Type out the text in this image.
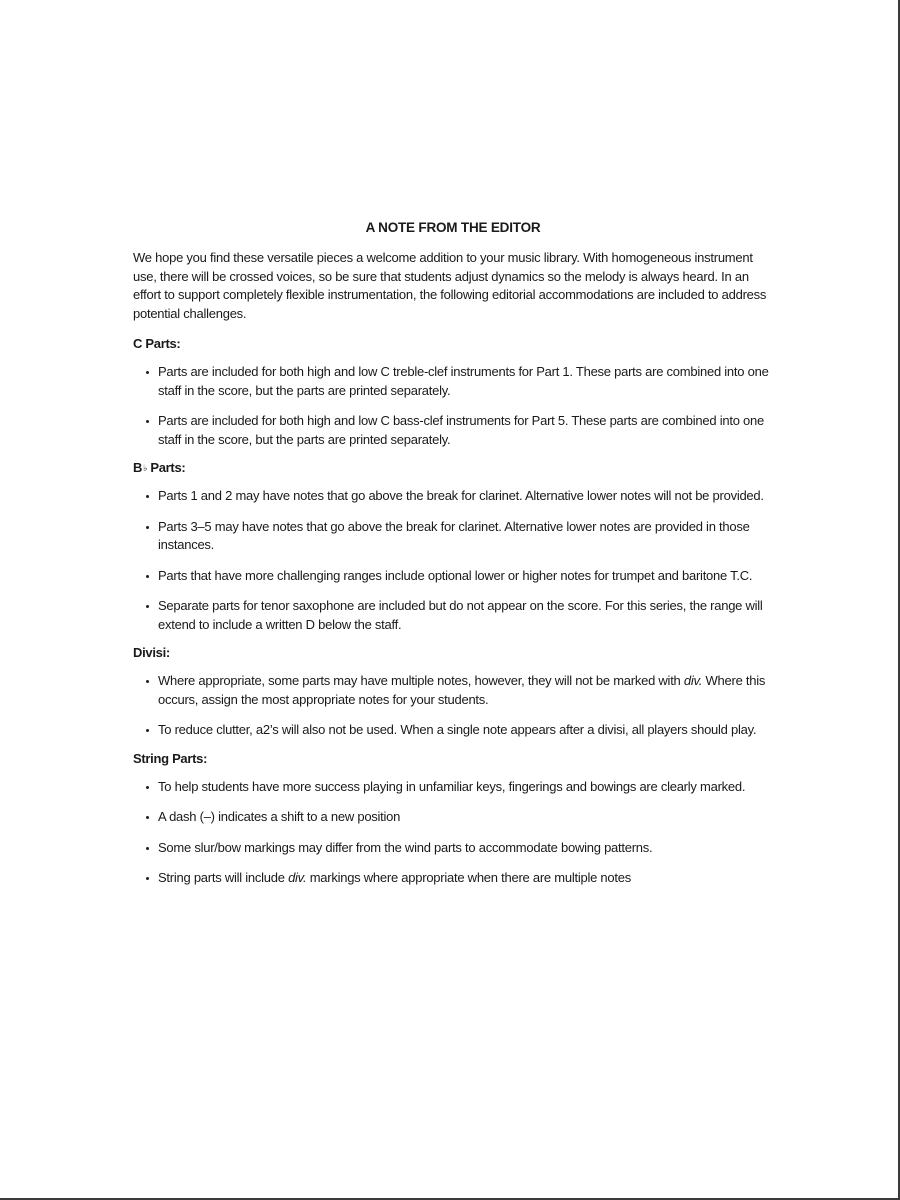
A NOTE FROM THE EDITOR

We hope you find these versatile pieces a welcome addition to your music library. With homogeneous instrument use, there will be crossed voices, so be sure that students adjust dynamics so the melody is always heard. In an effort to support completely flexible instrumentation, the following editorial accommodations are included to address potential challenges.

C Parts:
Parts are included for both high and low C treble-clef instruments for Part 1. These parts are combined into one staff in the score, but the parts are printed separately.
Parts are included for both high and low C bass-clef instruments for Part 5. These parts are combined into one staff in the score, but the parts are printed separately.
B♭ Parts:
Parts 1 and 2 may have notes that go above the break for clarinet. Alternative lower notes will not be provided.
Parts 3–5 may have notes that go above the break for clarinet. Alternative lower notes are provided in those instances.
Parts that have more challenging ranges include optional lower or higher notes for trumpet and baritone T.C.
Separate parts for tenor saxophone are included but do not appear on the score. For this series, the range will extend to include a written D below the staff.
Divisi:
Where appropriate, some parts may have multiple notes, however, they will not be marked with div. Where this occurs, assign the most appropriate notes for your students.
To reduce clutter, a2’s will also not be used. When a single note appears after a divisi, all players should play.
String Parts:
To help students have more success playing in unfamiliar keys, fingerings and bowings are clearly marked.
A dash (–) indicates a shift to a new position
Some slur/bow markings may differ from the wind parts to accommodate bowing patterns.
String parts will include div. markings where appropriate when there are multiple notes
